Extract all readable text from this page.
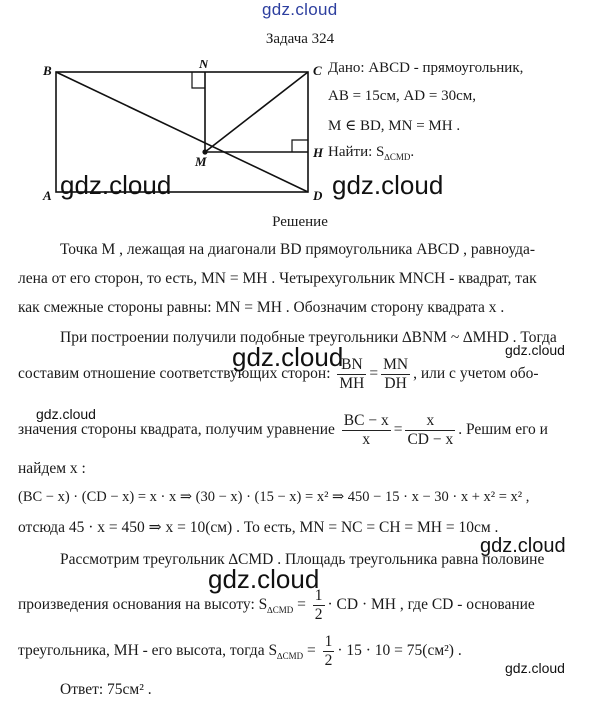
gdz.cloud
Задача 324
B	N	C
M
H
A	D
Дано: ABCD - прямоугольник,
AB = 15см, AD = 30см,
M ∈ BD, MN = MH .
Найти: $S_{\Delta CMD}$.
gdz.cloud	gdz.cloud
Решение
Точка M , лежащая на диагонали BD прямоугольника ABCD , равноуда-
лена от его сторон, то есть, MN = MH . Четырехугольник MNCH - квадрат, так
как смежные стороны равны: MN = MH . Обозначим сторону квадрата x .
При построении получили подобные треугольники ∆BNM ~ ∆MHD . Тогда
gdz.cloud	gdz.cloud
составим отношение соответствующих сторон: $\frac{BN}{MH} = \frac{MN}{DH}$ , или с учетом обо-
gdz.cloud
значения стороны квадрата, получим уравнение $\frac{BC - x}{x} = \frac{x}{CD - x}$ . Решим его и
найдем x :
(BC − x) · (CD − x) = x · x ⇒ (30 − x) · (15 − x) = x² ⇒ 450 − 15 · x − 30 · x + x² = x² ,
отсюда 45 · x = 450 ⇒ x = 10(см) . То есть, MN = NC = CH = MH = 10см .
gdz.cloud
Рассмотрим треугольник ∆CMD . Площадь треугольника равна половине
gdz.cloud
произведения основания на высоту: $S_{\Delta CMD} = \frac{1}{2}$ · CD · MH , где CD - основание
треугольника, MH - его высота, тогда $S_{\Delta CMD} = \frac{1}{2} \cdot 15 \cdot 10 = 75(см^2)$ .
gdz.cloud
Ответ: 75см² .
